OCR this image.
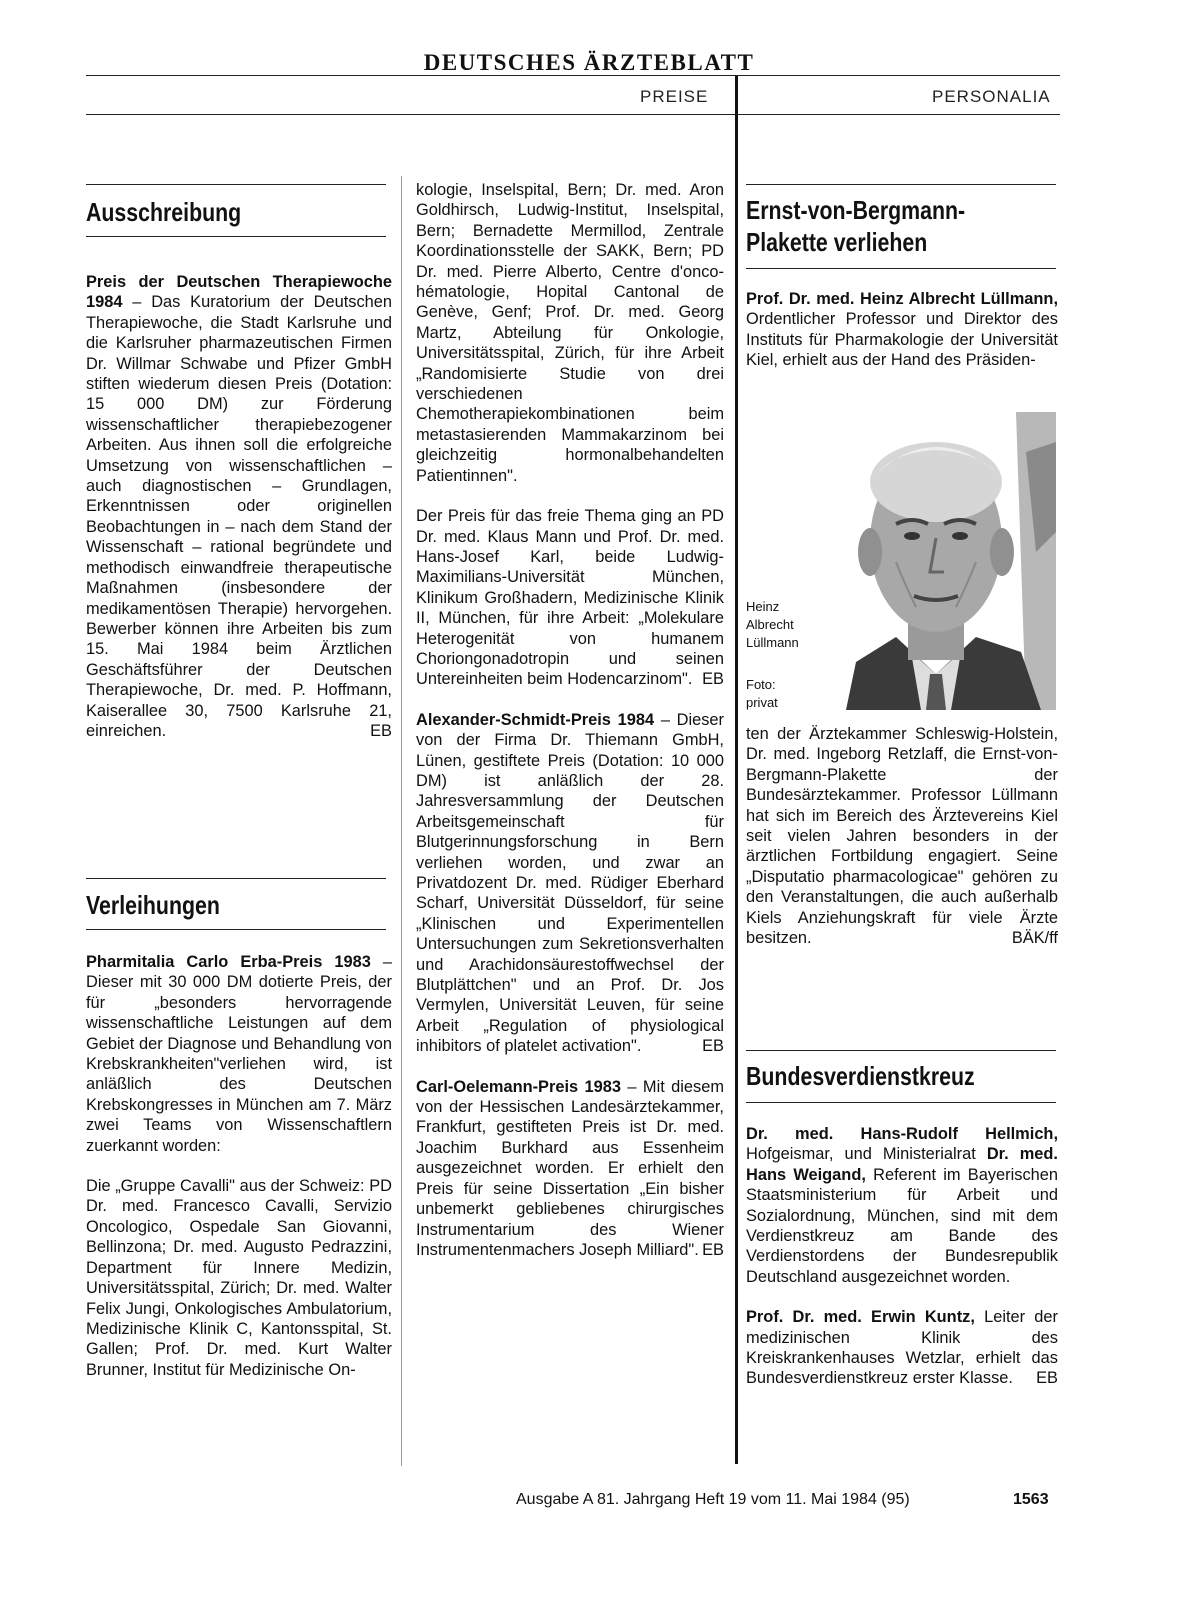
DEUTSCHES ÄRZTEBLATT
PREISE	PERSONALIA
Ausschreibung

Preis der Deutschen Therapiewoche 1984 – Das Kuratorium der Deutschen Therapiewoche, die Stadt Karlsruhe und die Karlsruher pharmazeutischen Firmen Dr. Willmar Schwabe und Pfizer GmbH stiften wiederum diesen Preis (Dotation: 15 000 DM) zur Förderung wissenschaftlicher therapiebezogener Arbeiten. Aus ihnen soll die erfolgreiche Umsetzung von wissenschaftlichen – auch diagnostischen – Grundlagen, Erkenntnissen oder originellen Beobachtungen in – nach dem Stand der Wissenschaft – rational begründete und methodisch einwandfreie therapeutische Maßnahmen (insbesondere der medikamentösen Therapie) hervorgehen. Bewerber können ihre Arbeiten bis zum 15. Mai 1984 beim Ärztlichen Geschäftsführer der Deutschen Therapiewoche, Dr. med. P. Hoffmann, Kaiserallee 30, 7500 Karlsruhe 21, einreichen.	EB

Verleihungen

Pharmitalia Carlo Erba-Preis 1983 – Dieser mit 30 000 DM dotierte Preis, der für „besonders hervorragende wissenschaftliche Leistungen auf dem Gebiet der Diagnose und Behandlung von Krebskrankheiten"verliehen wird, ist anläßlich des Deutschen Krebskongresses in München am 7. März zwei Teams von Wissenschaftlern zuerkannt worden:

Die „Gruppe Cavalli" aus der Schweiz: PD Dr. med. Francesco Cavalli, Servizio Oncologico, Ospedale San Giovanni, Bellinzona; Dr. med. Augusto Pedrazzini, Department für Innere Medizin, Universitätsspital, Zürich; Dr. med. Walter Felix Jungi, Onkologisches Ambulatorium, Medizinische Klinik C, Kantonsspital, St. Gallen; Prof. Dr. med. Kurt Walter Brunner, Institut für Medizinische On-

kologie, Inselspital, Bern; Dr. med. Aron Goldhirsch, Ludwig-Institut, Inselspital, Bern; Bernadette Mermillod, Zentrale Koordinationsstelle der SAKK, Bern; PD Dr. med. Pierre Alberto, Centre d'onco-hématologie, Hopital Cantonal de Genève, Genf; Prof. Dr. med. Georg Martz, Abteilung für Onkologie, Universitätsspital, Zürich, für ihre Arbeit „Randomisierte Studie von drei verschiedenen Chemotherapiekombinationen beim metastasierenden Mammakarzinom bei gleichzeitig hormonalbehandelten Patientinnen".

Der Preis für das freie Thema ging an PD Dr. med. Klaus Mann und Prof. Dr. med. Hans-Josef Karl, beide Ludwig-Maximilians-Universität München, Klinikum Großhadern, Medizinische Klinik II, München, für ihre Arbeit: „Molekulare Heterogenität von humanem Choriongonadotropin und seinen Untereinheiten beim Hodencarzinom". EB

Alexander-Schmidt-Preis 1984 – Dieser von der Firma Dr. Thiemann GmbH, Lünen, gestiftete Preis (Dotation: 10 000 DM) ist anläßlich der 28. Jahresversammlung der Deutschen Arbeitsgemeinschaft für Blutgerinnungsforschung in Bern verliehen worden, und zwar an Privatdozent Dr. med. Rüdiger Eberhard Scharf, Universität Düsseldorf, für seine „Klinischen und Experimentellen Untersuchungen zum Sekretionsverhalten und Arachidonsäurestoffwechsel der Blutplättchen" und an Prof. Dr. Jos Vermylen, Universität Leuven, für seine Arbeit „Regulation of physiological inhibitors of platelet activation".	EB

Carl-Oelemann-Preis 1983 – Mit diesem von der Hessischen Landesärztekammer, Frankfurt, gestifteten Preis ist Dr. med. Joachim Burkhard aus Essenheim ausgezeichnet worden. Er erhielt den Preis für seine Dissertation „Ein bisher unbemerkt gebliebenes chirurgisches Instrumentarium des Wiener Instrumentenmachers Joseph Milliard". EB

Ernst-von-Bergmann-
Plakette verliehen

Prof. Dr. med. Heinz Albrecht Lüllmann, Ordentlicher Professor und Direktor des Instituts für Pharmakologie der Universität Kiel, erhielt aus der Hand des Präsiden-

Heinz
Albrecht
Lüllmann
Foto:
privat

ten der Ärztekammer Schleswig-Holstein, Dr. med. Ingeborg Retzlaff, die Ernst-von-Bergmann-Plakette der Bundesärztekammer. Professor Lüllmann hat sich im Bereich des Ärztevereins Kiel seit vielen Jahren besonders in der ärztlichen Fortbildung engagiert. Seine „Disputatio pharmacologicae" gehören zu den Veranstaltungen, die auch außerhalb Kiels Anziehungskraft für viele Ärzte besitzen.	BÄK/ff

Bundesverdienstkreuz

Dr. med. Hans-Rudolf Hellmich, Hofgeismar, und Ministerialrat Dr. med. Hans Weigand, Referent im Bayerischen Staatsministerium für Arbeit und Sozialordnung, München, sind mit dem Verdienstkreuz am Bande des Verdienstordens der Bundesrepublik Deutschland ausgezeichnet worden.

Prof. Dr. med. Erwin Kuntz, Leiter der medizinischen Klinik des Kreiskrankenhauses Wetzlar, erhielt das Bundesverdienstkreuz erster Klasse. EB

Ausgabe A 81. Jahrgang Heft 19 vom 11. Mai 1984 (95)	1563
